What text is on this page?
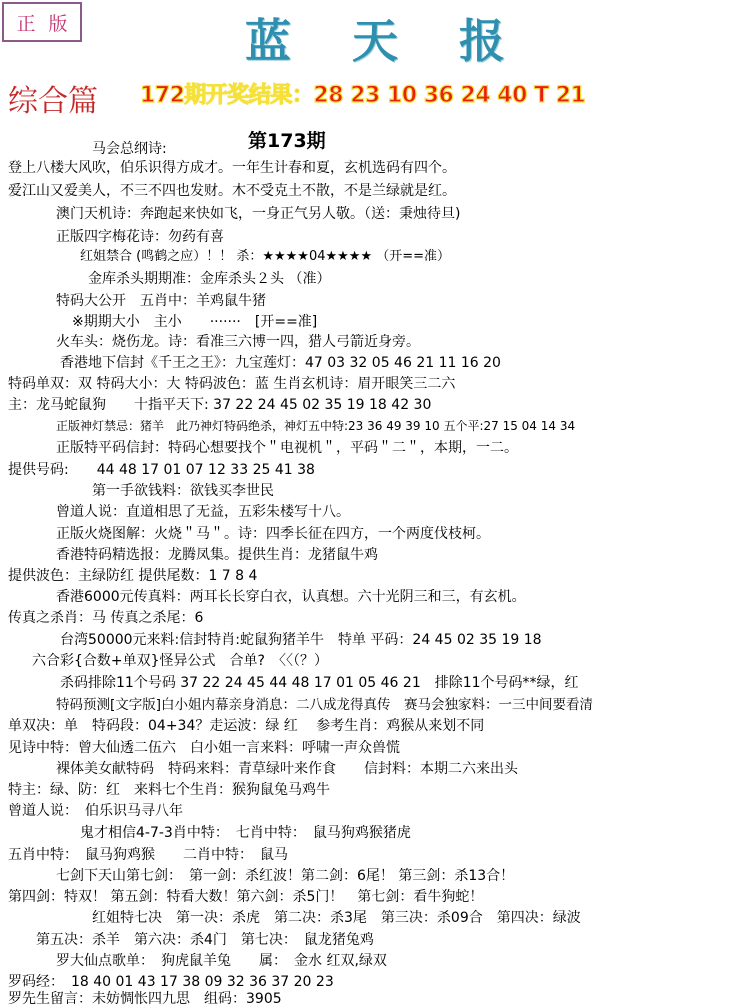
正 版	蓝 天 报
综合篇 172期开奖结果：28 23 10 36 24 40 T 21
马会总纲诗:	第173期
登上八楼大风吹，伯乐识得方成才。一年生计春和夏，玄机选码有四个。
爱江山又爱美人，不三不四也发财。木不受克土不散，不是兰绿就是红。
澳门天机诗：奔跑起来快如飞，一身正气另人敬。（送：秉烛待旦)
正版四字梅花诗：勿药有喜
红姐禁合 (鸣鹤之应）！！ 杀：★★★★04★★★★ （开==准）
金库杀头期期准：金库杀头２头 （准）
特码大公开　五肖中：羊鸡鼠牛猪
※期期大小　主小　　·······　[开==准]
火车头：烧伤龙。诗：看准三六博一四，猎人弓箭近身旁。
香港地下信封《千王之王》：九宝莲灯：47 03 32 05 46 21 11 16 20
特码单双：双 特码大小：大 特码波色：蓝 生肖玄机诗：眉开眼笑三二六
主：龙马蛇鼠狗　　十指平天下: 37 22 24 45 02 35 19 18 42 30
正版神灯禁忌：猪羊　此乃神灯特码绝杀，神灯五中特:23 36 49 39 10 五个平:27 15 04 14 34
正版特平码信封：特码心想要找个＂电视机＂，平码＂二＂，本期，一二。
提供号码:　　44 48 17 01 07 12 33 25 41 38
第一手欲钱料：欲钱买李世民
曾道人说：直道相思了无益，五彩朱楼写十八。
正版火烧图解：火烧＂马＂。诗：四季长征在四方，一个两度伐枝柯。
香港特码精选报：龙腾凤集。提供生肖：龙猪鼠牛鸡
提供波色：主绿防红 提供尾数：1 7 8 4
香港6000元传真料：两耳长长穿白衣，认真想。六十光阴三和三，有玄机。
传真之杀肖：马 传真之杀尾：6
台湾50000元来料:信封特肖:蛇鼠狗猪羊牛　特单 平码：24 45 02 35 19 18
六合彩{合数+单双}怪异公式　合单?　〈〈（？）
杀码排除11个号码 37 22 24 45 44 48 17 01 05 46 21　排除11个号码**绿，红
特码预测[文字版]白小姐内幕亲身消息：二八成龙得真传　赛马会独家料：一三中间要看清
单双决：单　特码段：04+34？走运波：绿 红　 参考生肖：鸡猴从来划不同
见诗中特：曾大仙透二伍六　白小姐一言来料：呼啸一声众兽慌
裸体美女献特码　特码来料：青草绿叶来作食　　信封料：本期二六来出头
特主：绿、防：红　来料七个生肖：猴狗鼠兔马鸡牛
曾道人说：　伯乐识马寻八年
鬼才相信4-7-3肖中特：　七肖中特：　鼠马狗鸡猴猪虎
五肖中特：　鼠马狗鸡猴　　二肖中特：　鼠马
七剑下天山第七剑：　第一剑：杀红波！第二剑：6尾！ 第三剑：杀13合！
第四剑：特双！ 第五剑：特看大数！第六剑：杀5门！　第七剑：看牛狗蛇！
红姐特七决　第一决：杀虎　第二决：杀3尾　第三决：杀09合　第四决：绿波
第五决：杀羊　第六决：杀4门　第七决：　鼠龙猪兔鸡
罗大仙点歌单：　狗虎鼠羊兔　　属：　金水 红双,绿双
罗码经：　18 40 01 43 17 38 09 32 36 37 20 23
罗先生留言：未妨惆怅四九思　组码：3905
